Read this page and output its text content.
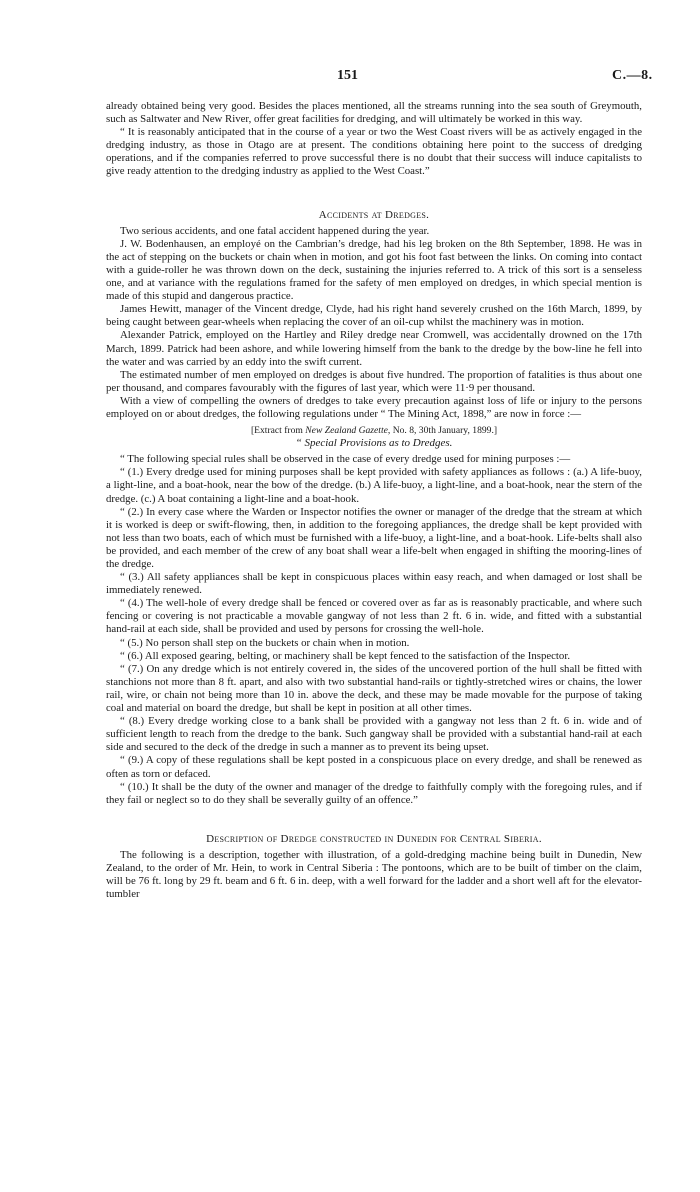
151	C.—8.

already obtained being very good. Besides the places mentioned, all the streams running into the sea south of Greymouth, such as Saltwater and New River, offer great facilities for dredging, and will ultimately be worked in this way.

“ It is reasonably anticipated that in the course of a year or two the West Coast rivers will be as actively engaged in the dredging industry, as those in Otago are at present. The conditions obtaining here point to the success of dredging operations, and if the companies referred to prove successful there is no doubt that their success will induce capitalists to give ready attention to the dredging industry as applied to the West Coast.”

Accidents at Dredges.

Two serious accidents, and one fatal accident happened during the year.

J. W. Bodenhausen, an employé on the Cambrian’s dredge, had his leg broken on the 8th September, 1898. He was in the act of stepping on the buckets or chain when in motion, and got his foot fast between the links. On coming into contact with a guide-roller he was thrown down on the deck, sustaining the injuries referred to. A trick of this sort is a senseless one, and at variance with the regulations framed for the safety of men employed on dredges, in which special mention is made of this stupid and dangerous practice.

James Hewitt, manager of the Vincent dredge, Clyde, had his right hand severely crushed on the 16th March, 1899, by being caught between gear-wheels when replacing the cover of an oil-cup whilst the machinery was in motion.

Alexander Patrick, employed on the Hartley and Riley dredge near Cromwell, was accidentally drowned on the 17th March, 1899. Patrick had been ashore, and while lowering himself from the bank to the dredge by the bow-line he fell into the water and was carried by an eddy into the swift current.

The estimated number of men employed on dredges is about five hundred. The proportion of fatalities is thus about one per thousand, and compares favourably with the figures of last year, which were 11·9 per thousand.

With a view of compelling the owners of dredges to take every precaution against loss of life or injury to the persons employed on or about dredges, the following regulations under “ The Mining Act, 1898,” are now in force :—

[Extract from New Zealand Gazette, No. 8, 30th January, 1899.]
“ Special Provisions as to Dredges.

“ The following special rules shall be observed in the case of every dredge used for mining purposes :—

“ (1.) Every dredge used for mining purposes shall be kept provided with safety appliances as follows : (a.) A life-buoy, a light-line, and a boat-hook, near the bow of the dredge. (b.) A life-buoy, a light-line, and a boat-hook, near the stern of the dredge. (c.) A boat containing a light-line and a boat-hook.

“ (2.) In every case where the Warden or Inspector notifies the owner or manager of the dredge that the stream at which it is worked is deep or swift-flowing, then, in addition to the foregoing appliances, the dredge shall be kept provided with not less than two boats, each of which must be furnished with a life-buoy, a light-line, and a boat-hook. Life-belts shall also be provided, and each member of the crew of any boat shall wear a life-belt when engaged in shifting the mooring-lines of the dredge.

“ (3.) All safety appliances shall be kept in conspicuous places within easy reach, and when damaged or lost shall be immediately renewed.

“ (4.) The well-hole of every dredge shall be fenced or covered over as far as is reasonably practicable, and where such fencing or covering is not practicable a movable gangway of not less than 2 ft. 6 in. wide, and fitted with a substantial hand-rail at each side, shall be provided and used by persons for crossing the well-hole.

“ (5.) No person shall step on the buckets or chain when in motion.

“ (6.) All exposed gearing, belting, or machinery shall be kept fenced to the satisfaction of the Inspector.

“ (7.) On any dredge which is not entirely covered in, the sides of the uncovered portion of the hull shall be fitted with stanchions not more than 8 ft. apart, and also with two substantial hand-rails or tightly-stretched wires or chains, the lower rail, wire, or chain not being more than 10 in. above the deck, and these may be made movable for the purpose of taking coal and material on board the dredge, but shall be kept in position at all other times.

“ (8.) Every dredge working close to a bank shall be provided with a gangway not less than 2 ft. 6 in. wide and of sufficient length to reach from the dredge to the bank. Such gangway shall be provided with a substantial hand-rail at each side and secured to the deck of the dredge in such a manner as to prevent its being upset.

“ (9.) A copy of these regulations shall be kept posted in a conspicuous place on every dredge, and shall be renewed as often as torn or defaced.

“ (10.) It shall be the duty of the owner and manager of the dredge to faithfully comply with the foregoing rules, and if they fail or neglect so to do they shall be severally guilty of an offence.”

Description of Dredge constructed in Dunedin for Central Siberia.

The following is a description, together with illustration, of a gold-dredging machine being built in Dunedin, New Zealand, to the order of Mr. Hein, to work in Central Siberia : The pontoons, which are to be built of timber on the claim, will be 76 ft. long by 29 ft. beam and 6 ft. 6 in. deep, with a well forward for the ladder and a short well aft for the elevator-tumbler
